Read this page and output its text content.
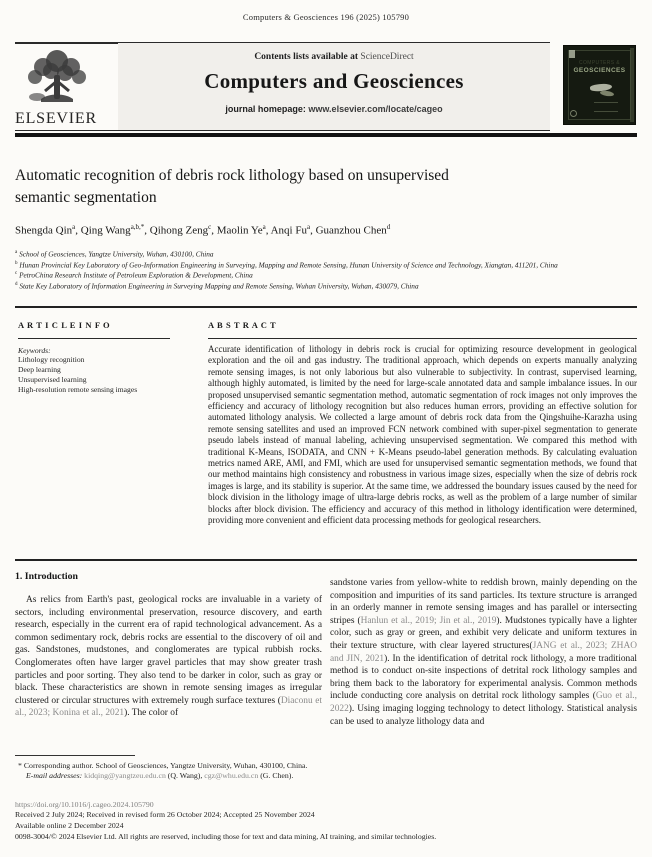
Computers & Geosciences 196 (2025) 105790
Contents lists available at ScienceDirect
Computers and Geosciences
journal homepage: www.elsevier.com/locate/cageo
ELSEVIER
COMPUTERS &
GEOSCIENCES
Automatic recognition of debris rock lithology based on unsupervised
semantic segmentation
Shengda Qin$^a$, Qing Wang$^{a,b,*}$, Qihong Zeng$^c$, Maolin Ye$^a$, Anqi Fu$^a$, Guanzhou Chen$^d$
$^a$ School of Geosciences, Yangtze University, Wuhan, 430100, China
$^b$ Hunan Provincial Key Laboratory of Geo-Information Engineering in Surveying, Mapping and Remote Sensing, Hunan University of Science and Technology, Xiangtan, 411201, China
$^c$ PetroChina Research Institute of Petroleum Exploration & Development, China
$^d$ State Key Laboratory of Information Engineering in Surveying Mapping and Remote Sensing, Wuhan University, Wuhan, 430079, China
A R T I C L E I N F O
Keywords:
Lithology recognition
Deep learning
Unsupervised learning
High-resolution remote sensing images
A B S T R A C T
Accurate identification of lithology in debris rock is crucial for optimizing resource development in geological exploration and the oil and gas industry. The traditional approach, which depends on experts manually analyzing remote sensing images, is not only laborious but also vulnerable to subjectivity. In contrast, supervised learning, although highly automated, is limited by the need for large-scale annotated data and sample imbalance issues. In our proposed unsupervised semantic segmentation method, automatic segmentation of rock images not only improves the efficiency and accuracy of lithology recognition but also reduces human errors, providing an effective solution for automated lithology analysis. We collected a large amount of debris rock data from the Qingshuihe-Karazha using remote sensing satellites and used an improved FCN network combined with super-pixel segmentation to generate pseudo labels instead of manual labeling, achieving unsupervised segmentation. We compared this method with traditional K-Means, ISODATA, and CNN + K-Means pseudo-label generation methods. By calculating evaluation metrics named ARE, AMI, and FMI, which are used for unsupervised semantic segmentation methods, we found that our method maintains high consistency and robustness in various image sizes, especially when the size of debris rock images is large, and its stability is superior. At the same time, we addressed the boundary issues caused by the need for block division in the lithology image of ultra-large debris rocks, as well as the problem of a large number of similar blocks after block division. The efficiency and accuracy of this method in lithology identification were determined, providing more convenient and efficient data processing methods for geological researchers.
1. Introduction
As relics from Earth's past, geological rocks are invaluable in a variety of sectors, including environmental preservation, resource discovery, and earth research, especially in the current era of rapid technological advancement. As a common sedimentary rock, debris rocks are essential to the discovery of oil and gas. Sandstones, mudstones, and conglomerates are typical rubbish rocks. Conglomerates often have larger gravel particles that may show greater trash particles and poor sorting. They also tend to be darker in color, such as gray or black. These characteristics are shown in remote sensing images as irregular clustered or circular structures with extremely rough surface textures (Diaconu et al., 2023; Konina et al., 2021). The color of
sandstone varies from yellow-white to reddish brown, mainly depending on the composition and impurities of its sand particles. Its texture structure is arranged in an orderly manner in remote sensing images and has parallel or intersecting stripes (Hanlun et al., 2019; Jin et al., 2019). Mudstones typically have a lighter color, such as gray or green, and exhibit very delicate and uniform textures in their texture structure, with clear layered structures(JANG et al., 2023; ZHAO and JIN, 2021). In the identification of detrital rock lithology, a more traditional method is to conduct on-site inspections of detrital rock lithology samples and bring them back to the laboratory for experimental analysis. Common methods include conducting core analysis on detrital rock lithology samples (Guo et al., 2022). Using imaging logging technology to detect lithology. Statistical analysis can be used to analyze lithology data and
* Corresponding author. School of Geosciences, Yangtze University, Wuhan, 430100, China.
E-mail addresses: kidqing@yangtzeu.edu.cn (Q. Wang), cgz@whu.edu.cn (G. Chen).
https://doi.org/10.1016/j.cageo.2024.105790
Received 2 July 2024; Received in revised form 26 October 2024; Accepted 25 November 2024
Available online 2 December 2024
0098-3004/© 2024 Elsevier Ltd. All rights are reserved, including those for text and data mining, AI training, and similar technologies.
